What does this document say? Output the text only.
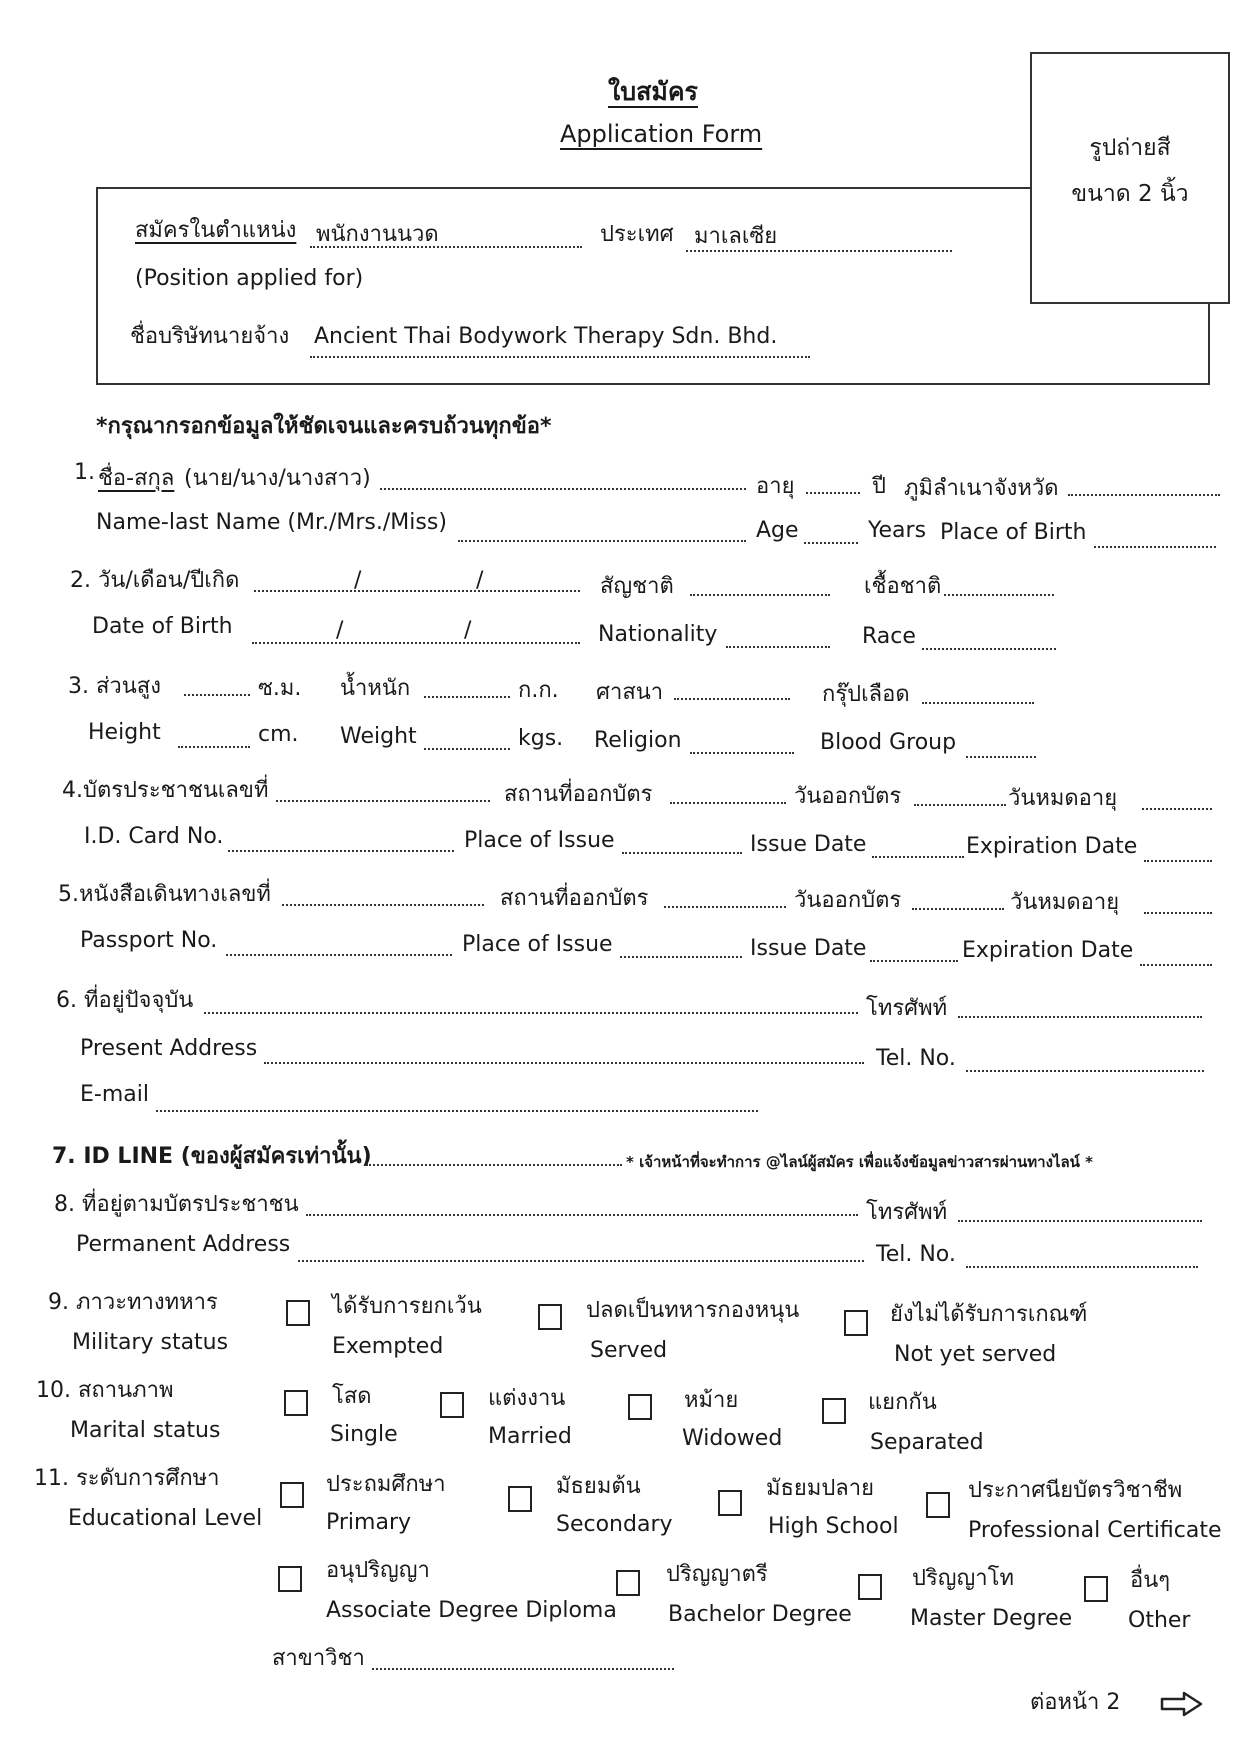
ใบสมัคร
Application Form	รูปถ่ายสี
ขนาด 2 นิ้ว
สมัครในตำแหน่ง พนักงานนวด	ประเทศ มาเลเซีย
(Position applied for)
ชื่อบริษัทนายจ้าง Ancient Thai Bodywork Therapy Sdn. Bhd.
*กรุณากรอกข้อมูลให้ชัดเจนและครบถ้วนทุกข้อ*
1. ชื่อ-สกุล (นาย/นาง/นางสาว)	อายุ	ปี ภูมิลำเนาจังหวัด
Name-last Name (Mr./Mrs./Miss)	Age	Years Place of Birth
2. วัน/เดือน/ปีเกิด	/	/	สัญชาติ	เชื้อชาติ
Date of Birth	/	/	Nationality	Race
3. ส่วนสูง	ซ.ม. น้ำหนัก	ก.ก. ศาสนา	กรุ๊ปเลือด
Height	cm. Weight	kgs. Religion	Blood Group
4.บัตรประชาชนเลขที่	สถานที่ออกบัตร	วันออกบัตร	วันหมดอายุ
I.D. Card No.	Place of Issue	Issue Date	Expiration Date
5.หนังสือเดินทางเลขที่	สถานที่ออกบัตร	วันออกบัตร	วันหมดอายุ
Passport No.	Place of Issue	Issue Date	Expiration Date
6. ที่อยู่ปัจจุบัน	โทรศัพท์
Present Address	Tel. No.
E-mail
7. ID LINE (ของผู้สมัครเท่านั้น)	* เจ้าหน้าที่จะทำการ @ไลน์ผู้สมัคร เพื่อแจ้งข้อมูลข่าวสารผ่านทางไลน์ *
8. ที่อยู่ตามบัตรประชาชน	โทรศัพท์
Permanent Address	Tel. No.
9. ภาวะทางทหาร
Military status
ได้รับการยกเว้น
Exempted
ปลดเป็นทหารกองหนุน
Served
ยังไม่ได้รับการเกณฑ์
Not yet served
10. สถานภาพ
Marital status
โสด
Single
แต่งงาน
Married
หม้าย
Widowed
แยกกัน
Separated
11. ระดับการศึกษา
Educational Level
ประถมศึกษา
Primary
มัธยมต้น
Secondary
มัธยมปลาย
High School
ประกาศนียบัตรวิชาชีพ
Professional Certificate
อนุปริญญา
Associate Degree Diploma
ปริญญาตรี
Bachelor Degree
ปริญญาโท
Master Degree
อื่นๆ
Other
สาขาวิชา
ต่อหน้า 2
